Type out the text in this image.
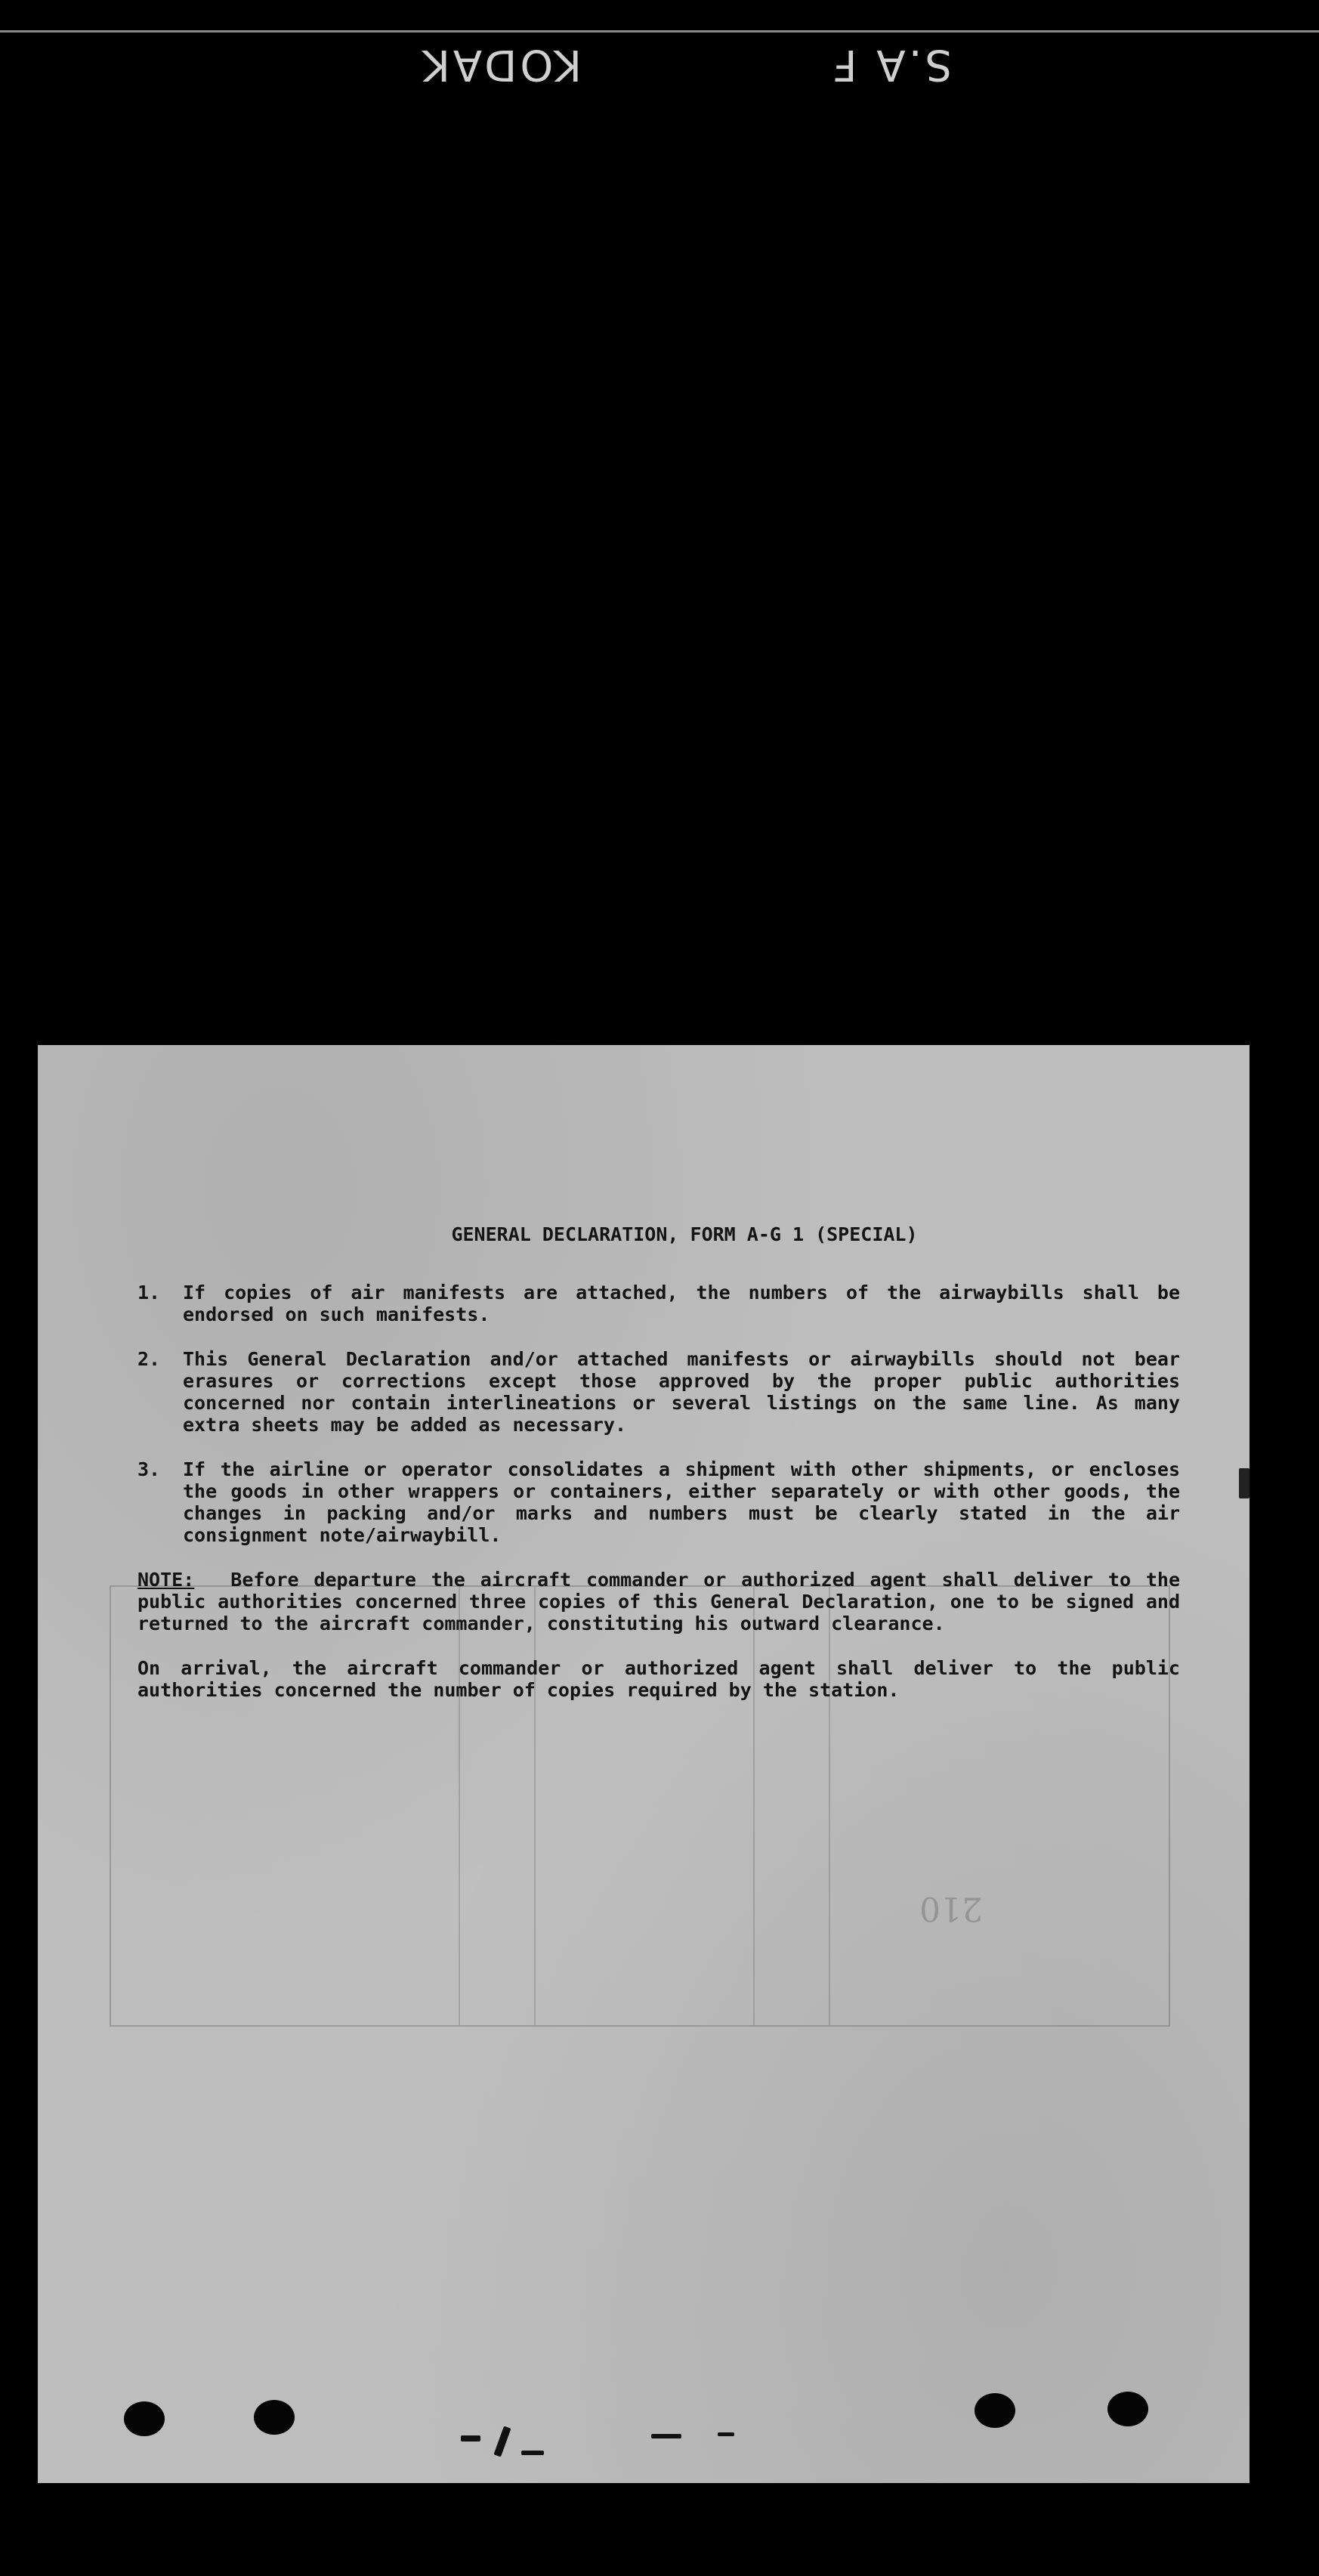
KODAK	S.A F
210
GENERAL DECLARATION, FORM A-G 1 (SPECIAL)
1.	If copies of air manifests are attached, the numbers of the airwaybills shall be endorsed on such manifests.
2.	This General Declaration and/or attached manifests or airwaybills should not bear erasures or corrections except those approved by the proper public authorities concerned nor contain interlineations or several listings on the same line. As many extra sheets may be added as necessary.
3.	If the airline or operator consolidates a shipment with other shipments, or encloses the goods in other wrappers or containers, either separately or with other goods, the changes in packing and/or marks and numbers must be clearly stated in the air consignment note/airwaybill.
NOTE: Before departure the aircraft commander or authorized agent shall deliver to the public authorities concerned three copies of this General Declaration, one to be signed and returned to the aircraft commander, constituting his outward clearance.
On arrival, the aircraft commander or authorized agent shall deliver to the public authorities concerned the number of copies required by the station.
